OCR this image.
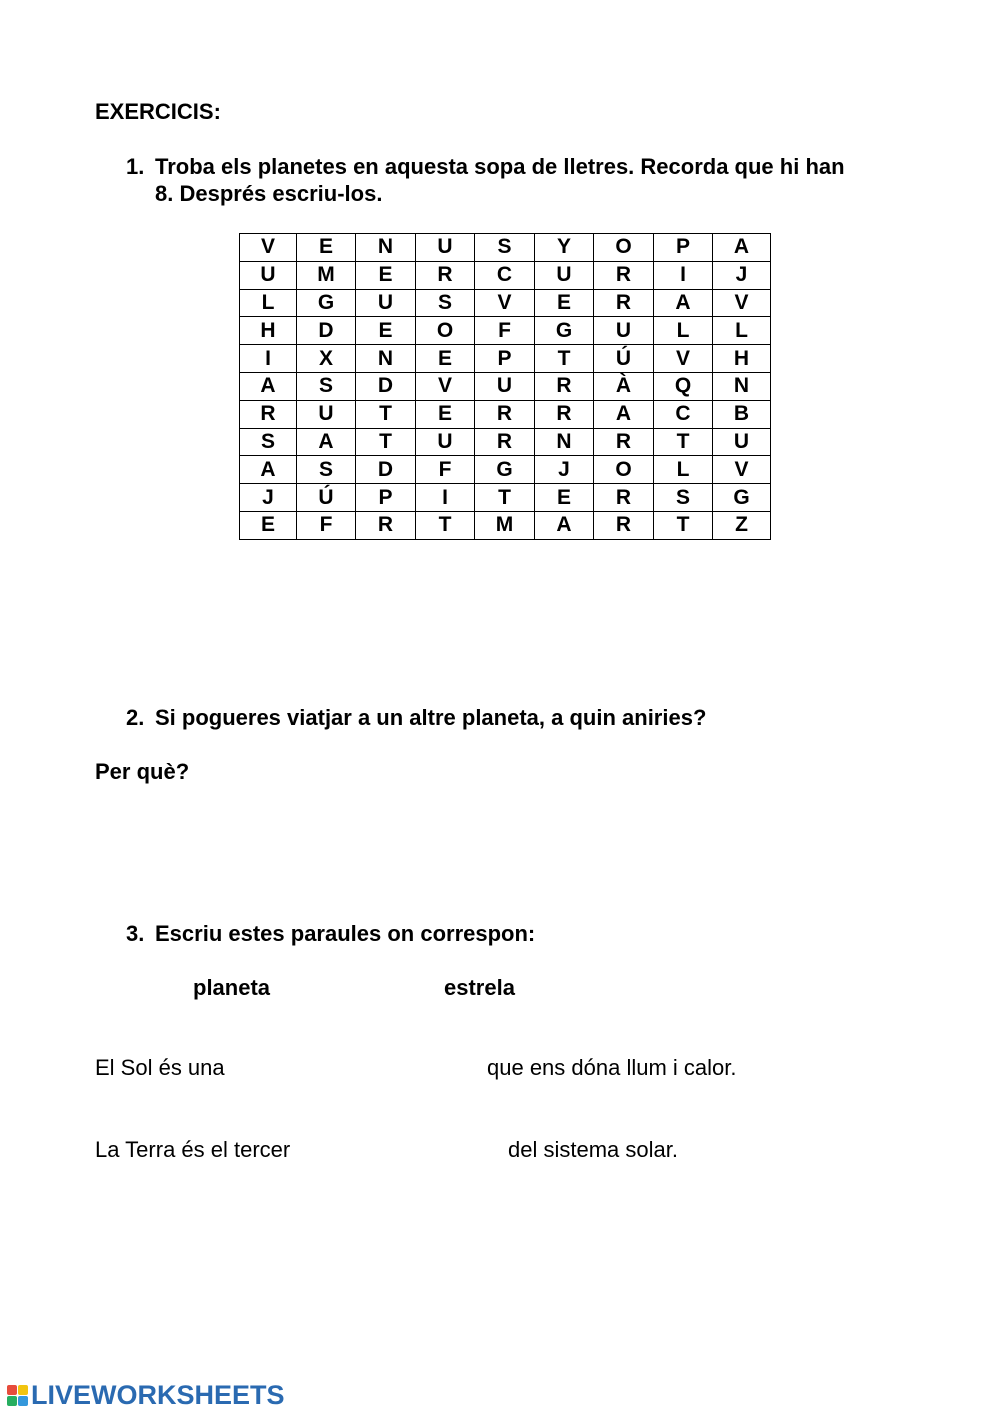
EXERCICIS:
1. Troba els planetes en aquesta sopa de lletres. Recorda que hi han
8. Després escriu-los.
V	E	N	U	S	Y	O	P	A
U	M	E	R	C	U	R	I	J
L	G	U	S	V	E	R	A	V
H	D	E	O	F	G	U	L	L
I	X	N	E	P	T	Ú	V	H
A	S	D	V	U	R	À	Q	N
R	U	T	E	R	R	A	C	B
S	A	T	U	R	N	R	T	U
A	S	D	F	G	J	O	L	V
J	Ú	P	I	T	E	R	S	G
E	F	R	T	M	A	R	T	Z
2. Si pogueres viatjar a un altre planeta, a quin aniries?
Per què?
3. Escriu estes paraules on correspon:
planeta	estrela
El Sol és una	que ens dóna llum i calor.
La Terra és el tercer	del sistema solar.
LIVEWORKSHEETS
